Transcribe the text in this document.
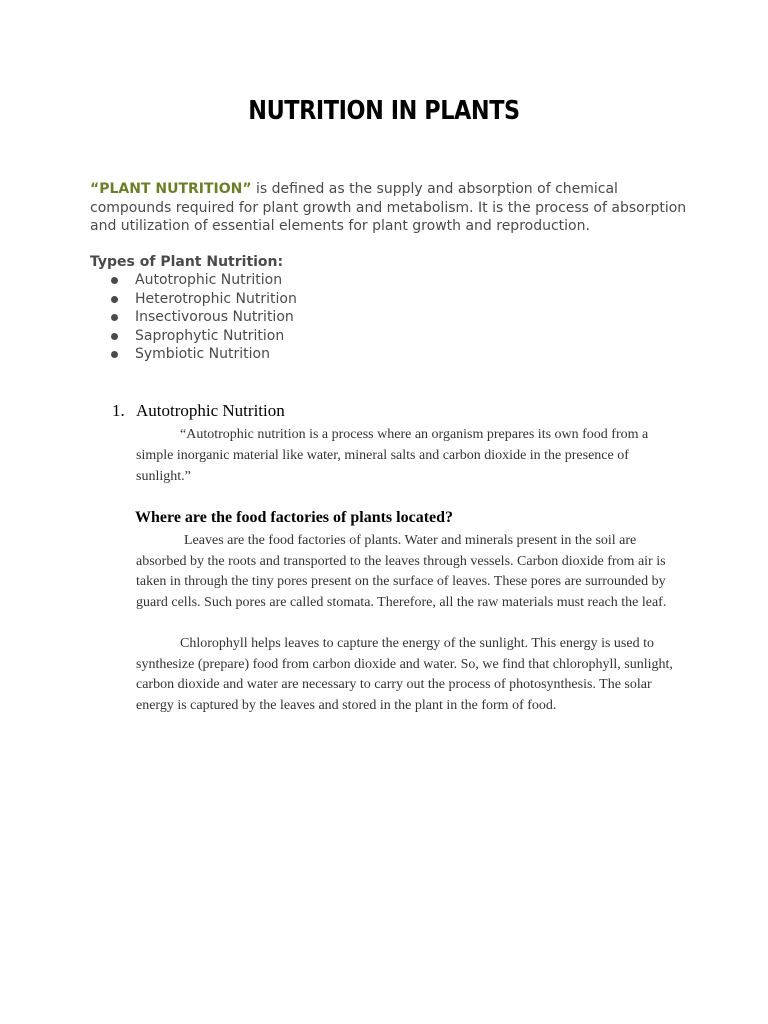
NUTRITION IN PLANTS
“PLANT NUTRITION” is defined as the supply and absorption of chemical compounds required for plant growth and metabolism. It is the process of absorption and utilization of essential elements for plant growth and reproduction.
Types of Plant Nutrition:
Autotrophic Nutrition
Heterotrophic Nutrition
Insectivorous Nutrition
Saprophytic Nutrition
Symbiotic Nutrition
1. Autotrophic Nutrition

“Autotrophic nutrition is a process where an organism prepares its own food from a simple inorganic material like water, mineral salts and carbon dioxide in the presence of sunlight.”

Where are the food factories of plants located?

Leaves are the food factories of plants. Water and minerals present in the soil are absorbed by the roots and transported to the leaves through vessels. Carbon dioxide from air is taken in through the tiny pores present on the surface of leaves. These pores are surrounded by guard cells. Such pores are called stomata. Therefore, all the raw materials must reach the leaf.

Chlorophyll helps leaves to capture the energy of the sunlight. This energy is used to synthesize (prepare) food from carbon dioxide and water. So, we find that chlorophyll, sunlight, carbon dioxide and water are necessary to carry out the process of photosynthesis. The solar energy is captured by the leaves and stored in the plant in the form of food.
